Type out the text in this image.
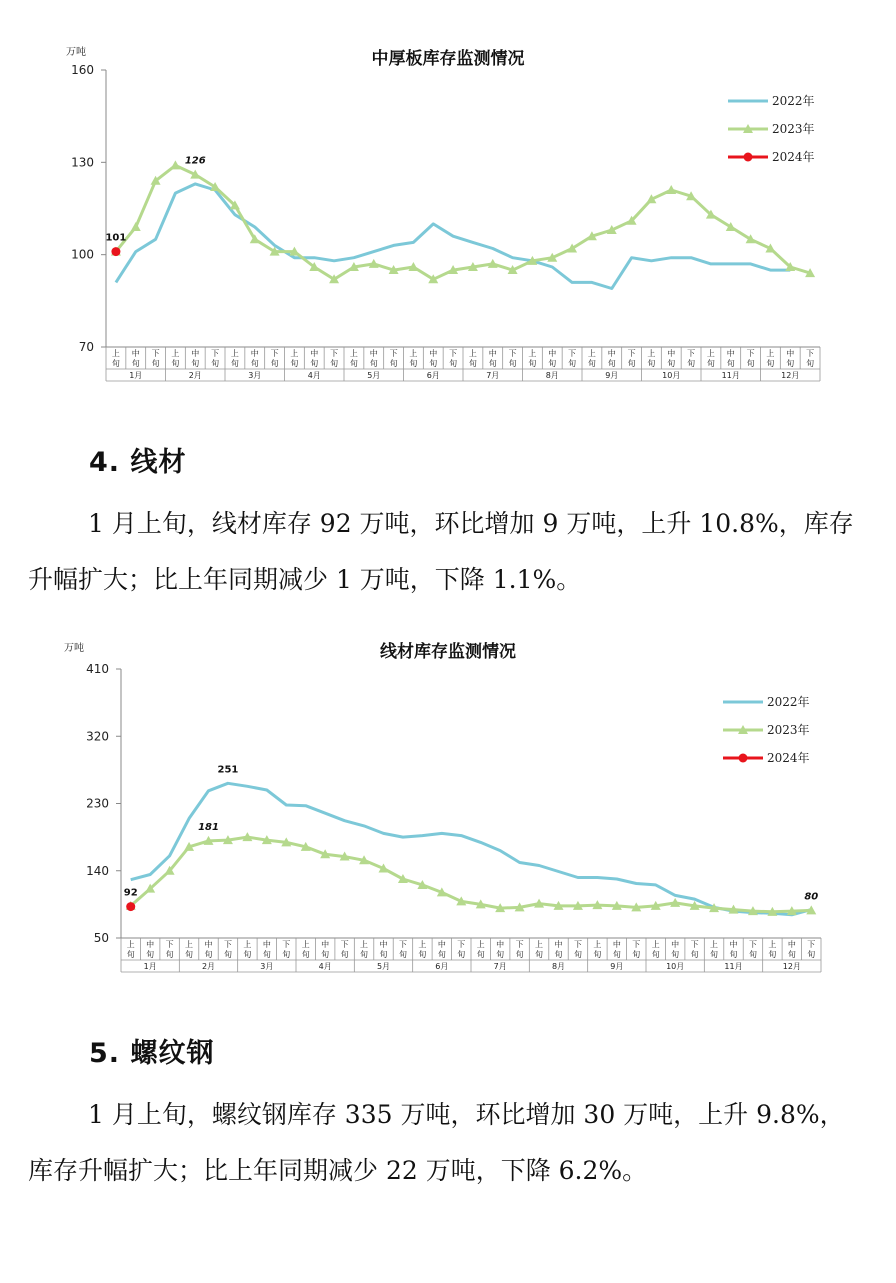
中厚板库存监测情况
万吨
70
100
130
160
上
旬
中
旬
下
旬
上
旬
中
旬
下
旬
上
旬
中
旬
下
旬
上
旬
中
旬
下
旬
上
旬
中
旬
下
旬
上
旬
中
旬
下
旬
上
旬
中
旬
下
旬
上
旬
中
旬
下
旬
上
旬
中
旬
下
旬
上
旬
中
旬
下
旬
上
旬
中
旬
下
旬
上
旬
中
旬
下
旬
1月	2月	3月	4月	5月	6月	7月	8月	9月	10月	11月	12月
101
126
2022年
2023年
2024年
4. 线材
1 月上旬，线材库存 92 万吨，环比增加 9 万吨，上升 10.8%，库存升幅扩大；比上年同期减少 1 万吨，下降 1.1%。
线材库存监测情况
万吨
50
140
230
320
410
上
旬
中
旬
下
旬
上
旬
中
旬
下
旬
上
旬
中
旬
下
旬
上
旬
中
旬
下
旬
上
旬
中
旬
下
旬
上
旬
中
旬
下
旬
上
旬
中
旬
下
旬
上
旬
中
旬
下
旬
上
旬
中
旬
下
旬
上
旬
中
旬
下
旬
上
旬
中
旬
下
旬
上
旬
中
旬
下
旬
1月	2月	3月	4月	5月	6月	7月	8月	9月	10月	11月	12月
92
251
181
80
2022年
2023年
2024年
5. 螺纹钢
1 月上旬，螺纹钢库存 335 万吨，环比增加 30 万吨，上升 9.8%，库存升幅扩大；比上年同期减少 22 万吨，下降 6.2%。
